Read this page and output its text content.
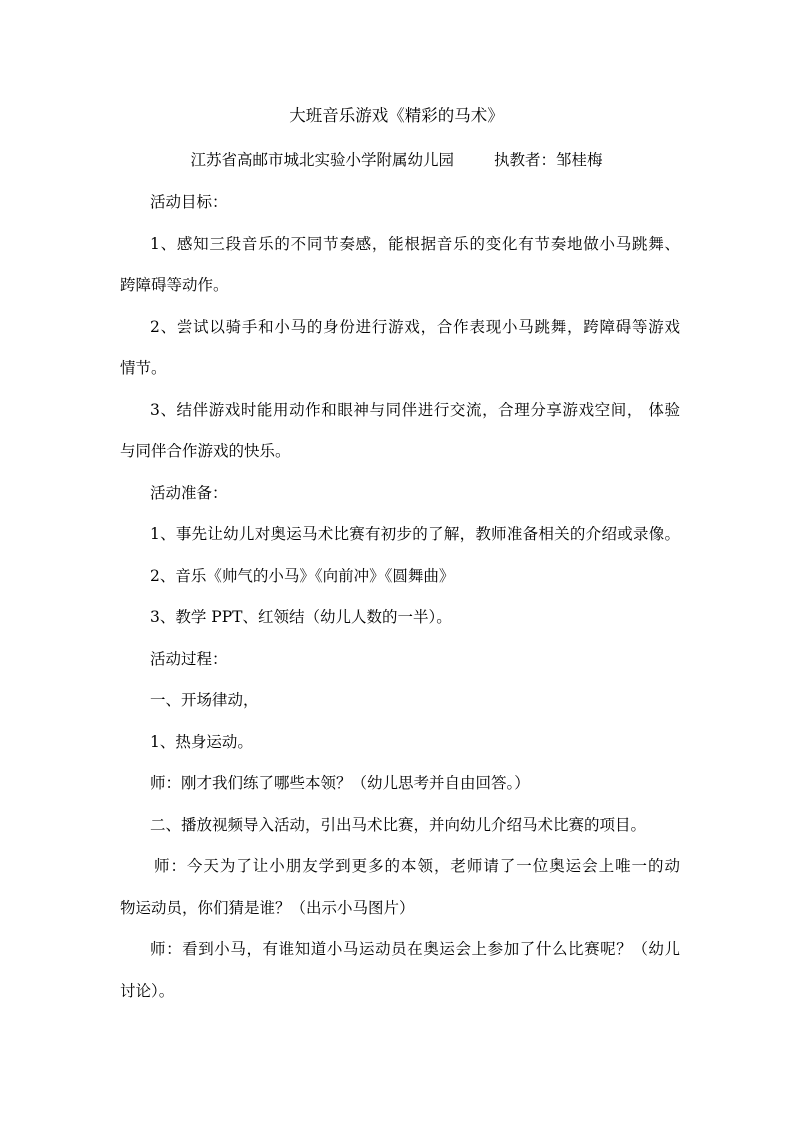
大班音乐游戏《精彩的马术》
江苏省高邮市城北实验小学附属幼儿园	执教者：邹桂梅
活动目标：
1、感知三段音乐的不同节奏感，能根据音乐的变化有节奏地做小马跳舞、
跨障碍等动作。
2、尝试以骑手和小马的身份进行游戏，合作表现小马跳舞，跨障碍等游戏
情节。
3、结伴游戏时能用动作和眼神与同伴进行交流，合理分享游戏空间， 体验
与同伴合作游戏的快乐。
活动准备：
1、事先让幼儿对奥运马术比赛有初步的了解，教师准备相关的介绍或录像。
2、音乐《帅气的小马》《向前冲》《圆舞曲》
3、教学 PPT、红领结（幼儿人数的一半）。
活动过程：
一、开场律动，
1、热身运动。
师：刚才我们练了哪些本领？（幼儿思考并自由回答。）
二、播放视频导入活动，引出马术比赛，并向幼儿介绍马术比赛的项目。
师：今天为了让小朋友学到更多的本领，老师请了一位奥运会上唯一的动
物运动员，你们猜是谁？（出示小马图片）
师：看到小马，有谁知道小马运动员在奥运会上参加了什么比赛呢？（幼儿
讨论）。
